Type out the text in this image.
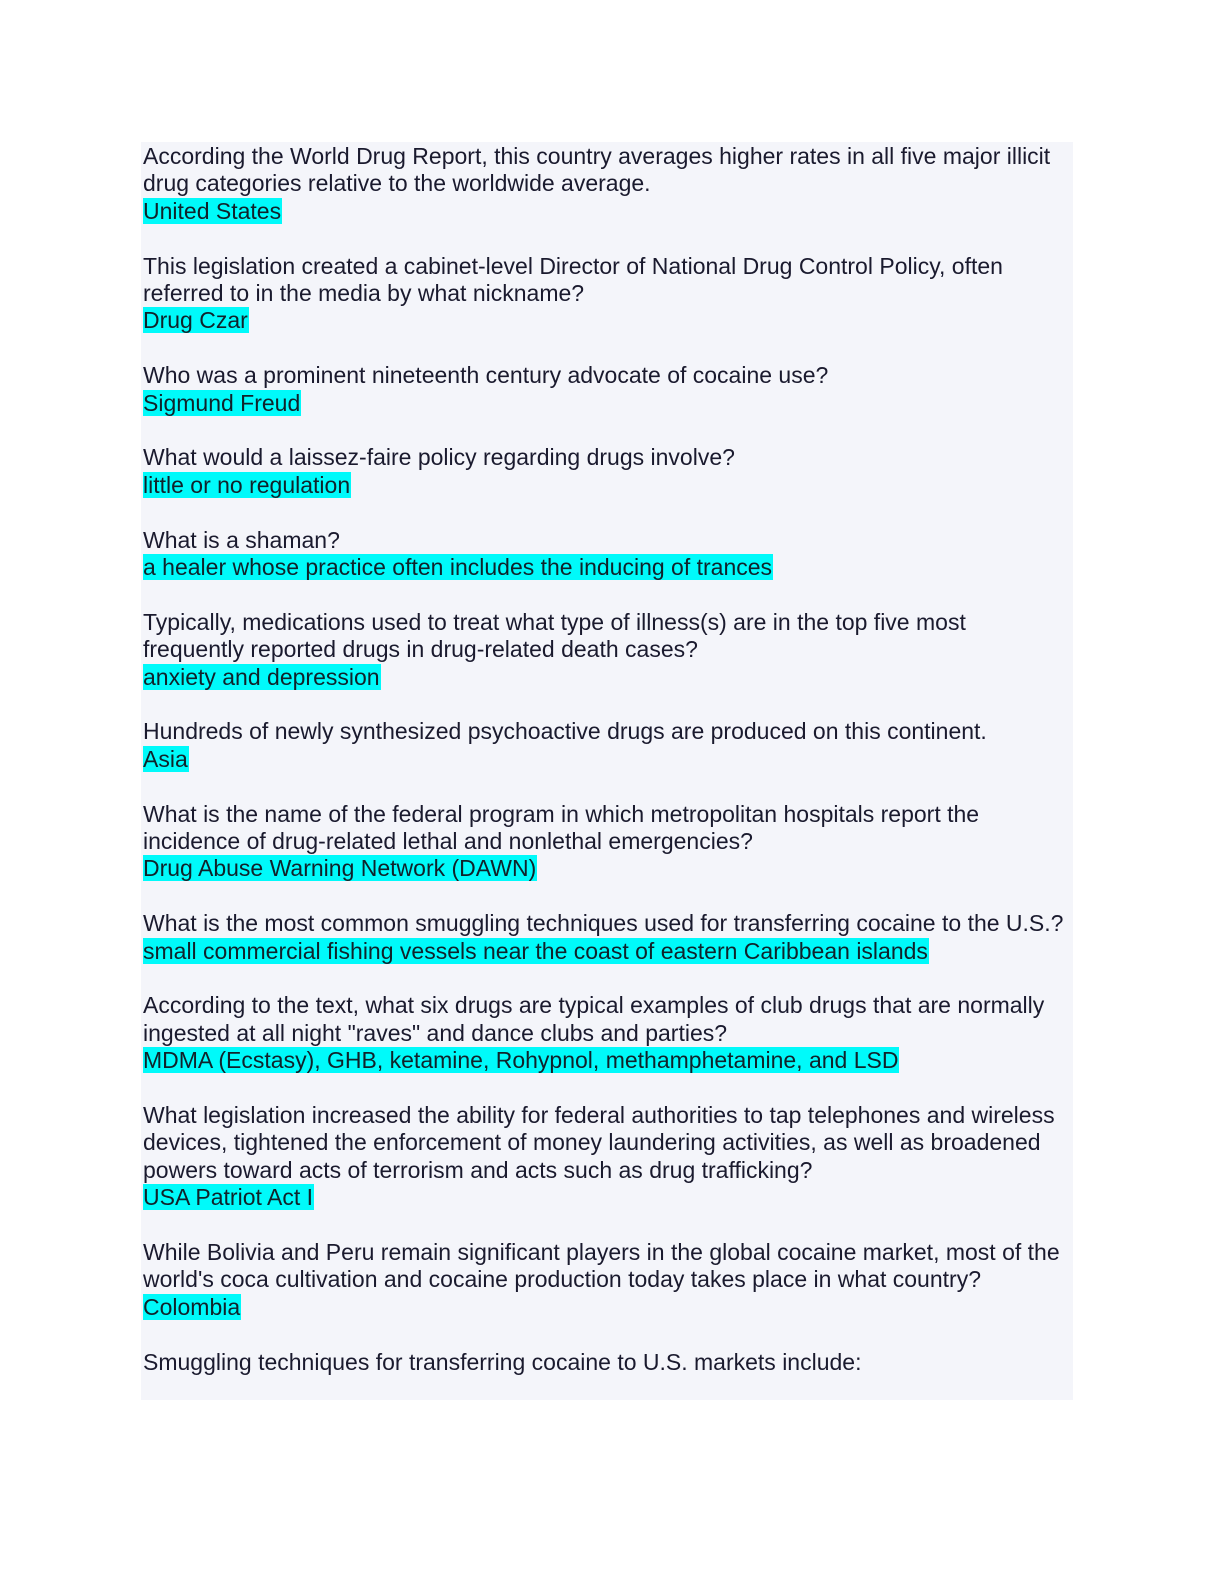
According the World Drug Report, this country averages higher rates in all five major illicit drug categories relative to the worldwide average.
United States
This legislation created a cabinet-level Director of National Drug Control Policy, often referred to in the media by what nickname?
Drug Czar
Who was a prominent nineteenth century advocate of cocaine use?
Sigmund Freud
What would a laissez-faire policy regarding drugs involve?
little or no regulation
What is a shaman?
a healer whose practice often includes the inducing of trances
Typically, medications used to treat what type of illness(s) are in the top five most frequently reported drugs in drug-related death cases?
anxiety and depression
Hundreds of newly synthesized psychoactive drugs are produced on this continent.
Asia
What is the name of the federal program in which metropolitan hospitals report the incidence of drug-related lethal and nonlethal emergencies?
Drug Abuse Warning Network (DAWN)
What is the most common smuggling techniques used for transferring cocaine to the U.S.?
small commercial fishing vessels near the coast of eastern Caribbean islands
According to the text, what six drugs are typical examples of club drugs that are normally ingested at all night "raves" and dance clubs and parties?
MDMA (Ecstasy), GHB, ketamine, Rohypnol, methamphetamine, and LSD
What legislation increased the ability for federal authorities to tap telephones and wireless devices, tightened the enforcement of money laundering activities, as well as broadened powers toward acts of terrorism and acts such as drug trafficking?
USA Patriot Act I
While Bolivia and Peru remain significant players in the global cocaine market, most of the world's coca cultivation and cocaine production today takes place in what country?
Colombia
Smuggling techniques for transferring cocaine to U.S. markets include:
